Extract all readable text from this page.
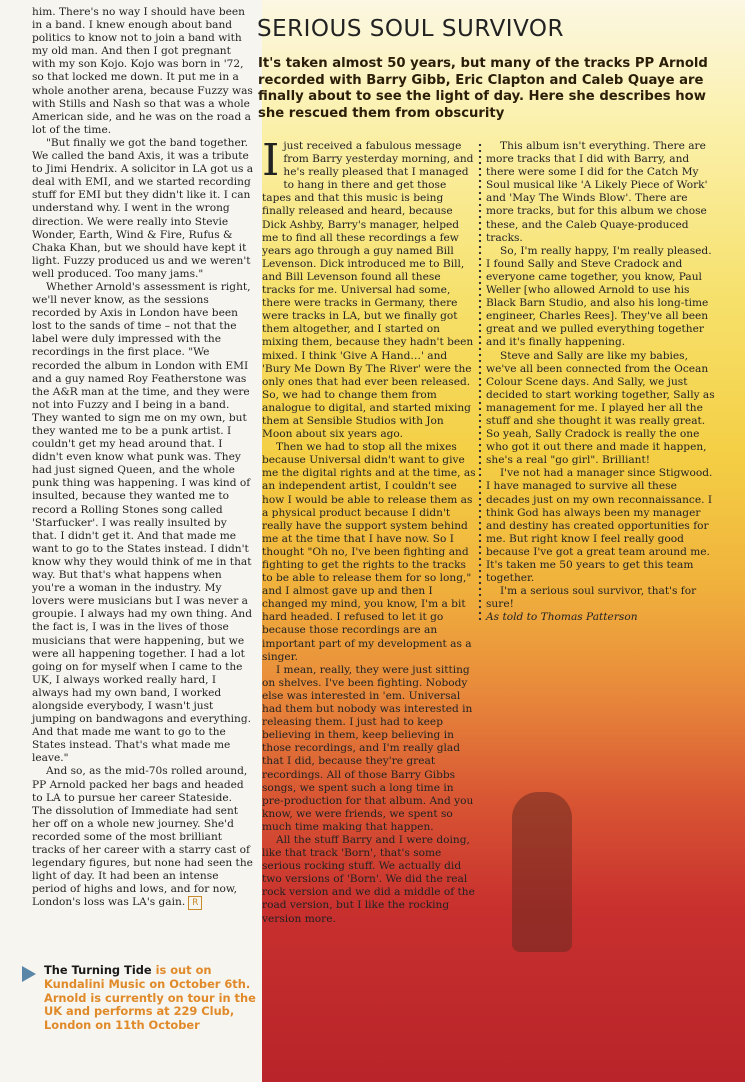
SERIOUS SOUL SURVIVOR

It's taken almost 50 years, but many of the tracks PP Arnold recorded with Barry Gibb, Eric Clapton and Caleb Quaye are finally about to see the light of day. Here she describes how she rescued them from obscurity

him. There's no way I should have been in a band. I knew enough about band politics to know not to join a band with my old man. And then I got pregnant with my son Kojo. Kojo was born in '72, so that locked me down. It put me in a whole another arena, because Fuzzy was with Stills and Nash so that was a whole American side, and he was on the road a lot of the time.

"But finally we got the band together. We called the band Axis, it was a tribute to Jimi Hendrix. A solicitor in LA got us a deal with EMI, and we started recording stuff for EMI but they didn't like it. I can understand why. I went in the wrong direction. We were really into Stevie Wonder, Earth, Wind & Fire, Rufus & Chaka Khan, but we should have kept it light. Fuzzy produced us and we weren't well produced. Too many jams."

Whether Arnold's assessment is right, we'll never know, as the sessions recorded by Axis in London have been lost to the sands of time – not that the label were duly impressed with the recordings in the first place. "We recorded the album in London with EMI and a guy named Roy Featherstone was the A&R man at the time, and they were not into Fuzzy and I being in a band. They wanted to sign me on my own, but they wanted me to be a punk artist. I couldn't get my head around that. I didn't even know what punk was. They had just signed Queen, and the whole punk thing was happening. I was kind of insulted, because they wanted me to record a Rolling Stones song called 'Starfucker'. I was really insulted by that. I didn't get it. And that made me want to go to the States instead. I didn't know why they would think of me in that way. But that's what happens when you're a woman in the industry. My lovers were musicians but I was never a groupie. I always had my own thing. And the fact is, I was in the lives of those musicians that were happening, but we were all happening together. I had a lot going on for myself when I came to the UK, I always worked really hard, I always had my own band, I worked alongside everybody, I wasn't just jumping on bandwagons and everything. And that made me want to go to the States instead. That's what made me leave."

And so, as the mid-70s rolled around, PP Arnold packed her bags and headed to LA to pursue her career Stateside. The dissolution of Immediate had sent her off on a whole new journey. She'd recorded some of the most brilliant tracks of her career with a starry cast of legendary figures, but none had seen the light of day. It had been an intense period of highs and lows, and for now, London's loss was LA's gain. R

The Turning Tide is out on Kundalini Music on October 6th. Arnold is currently on tour in the UK and performs at 229 Club, London on 11th October

Ijust received a fabulous message from Barry yesterday morning, and he's really pleased that I managed to hang in there and get those tapes and that this music is being finally released and heard, because Dick Ashby, Barry's manager, helped me to find all these recordings a few years ago through a guy named Bill Levenson. Dick introduced me to Bill, and Bill Levenson found all these tracks for me. Universal had some, there were tracks in Germany, there were tracks in LA, but we finally got them altogether, and I started on mixing them, because they hadn't been mixed. I think 'Give A Hand…' and 'Bury Me Down By The River' were the only ones that had ever been released. So, we had to change them from analogue to digital, and started mixing them at Sensible Studios with Jon Moon about six years ago.

Then we had to stop all the mixes because Universal didn't want to give me the digital rights and at the time, as an independent artist, I couldn't see how I would be able to release them as a physical product because I didn't really have the support system behind me at the time that I have now. So I thought "Oh no, I've been fighting and fighting to get the rights to the tracks to be able to release them for so long," and I almost gave up and then I changed my mind, you know, I'm a bit hard headed. I refused to let it go because those recordings are an important part of my development as a singer.

I mean, really, they were just sitting on shelves. I've been fighting. Nobody else was interested in 'em. Universal had them but nobody was interested in releasing them. I just had to keep believing in them, keep believing in those recordings, and I'm really glad that I did, because they're great recordings. All of those Barry Gibbs songs, we spent such a long time in pre-production for that album. And you know, we were friends, we spent so much time making that happen.

All the stuff Barry and I were doing, like that track 'Born', that's some serious rocking stuff. We actually did two versions of 'Born'. We did the real rock version and we did a middle of the road version, but I like the rocking version more.

This album isn't everything. There are more tracks that I did with Barry, and there were some I did for the Catch My Soul musical like 'A Likely Piece of Work' and 'May The Winds Blow'. There are more tracks, but for this album we chose these, and the Caleb Quaye-produced tracks.

So, I'm really happy, I'm really pleased. I found Sally and Steve Cradock and everyone came together, you know, Paul Weller [who allowed Arnold to use his Black Barn Studio, and also his long-time engineer, Charles Rees]. They've all been great and we pulled everything together and it's finally happening.

Steve and Sally are like my babies, we've all been connected from the Ocean Colour Scene days. And Sally, we just decided to start working together, Sally as management for me. I played her all the stuff and she thought it was really great. So yeah, Sally Cradock is really the one who got it out there and made it happen, she's a real "go girl". Brilliant!

I've not had a manager since Stigwood. I have managed to survive all these decades just on my own reconnaissance. I think God has always been my manager and destiny has created opportunities for me. But right know I feel really good because I've got a great team around me. It's taken me 50 years to get this team together.

I'm a serious soul survivor, that's for sure!

As told to Thomas Patterson
